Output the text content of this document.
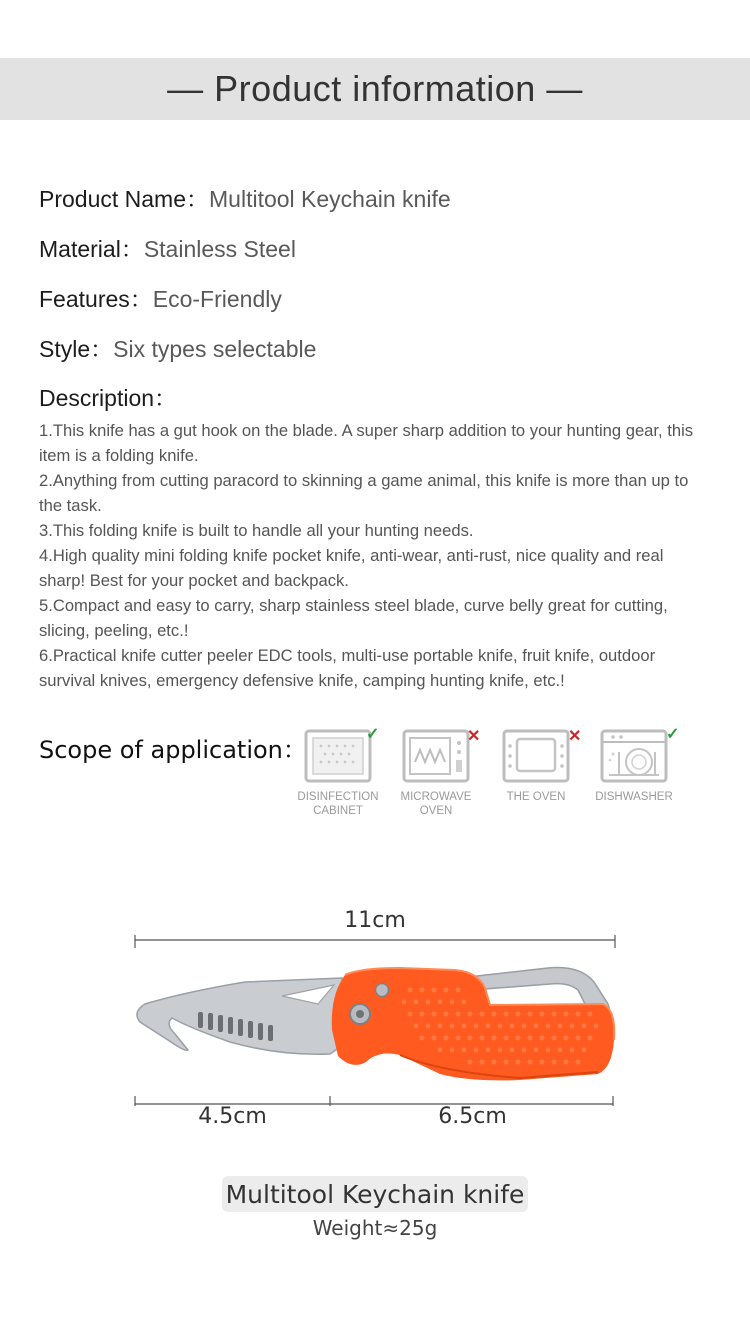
— Product information —
Product Name：Multitool Keychain knife
Material：Stainless Steel
Features：Eco-Friendly
Style：Six types selectable
Description：

1.This knife has a gut hook on the blade. A super sharp addition to your hunting gear, this item is a folding knife.

2.Anything from cutting paracord to skinning a game animal, this knife is more than up to the task.

3.This folding knife is built to handle all your hunting needs.

4.High quality mini folding knife pocket knife, anti-wear, anti-rust, nice quality and real sharp! Best for your pocket and backpack.

5.Compact and easy to carry, sharp stainless steel blade, curve belly great for cutting, slicing, peeling, etc.!

6.Practical knife cutter peeler EDC tools, multi-use portable knife, fruit knife, outdoor survival knives, emergency defensive knife, camping hunting knife, etc.!

Scope of application：
DISINFECTION
CABINET
✓
MICROWAVE
OVEN
✕
THE OVEN
✕
DISHWASHER
✓
11cm
4.5cm	6.5cm
Multitool Keychain knife
Weight≈25g
